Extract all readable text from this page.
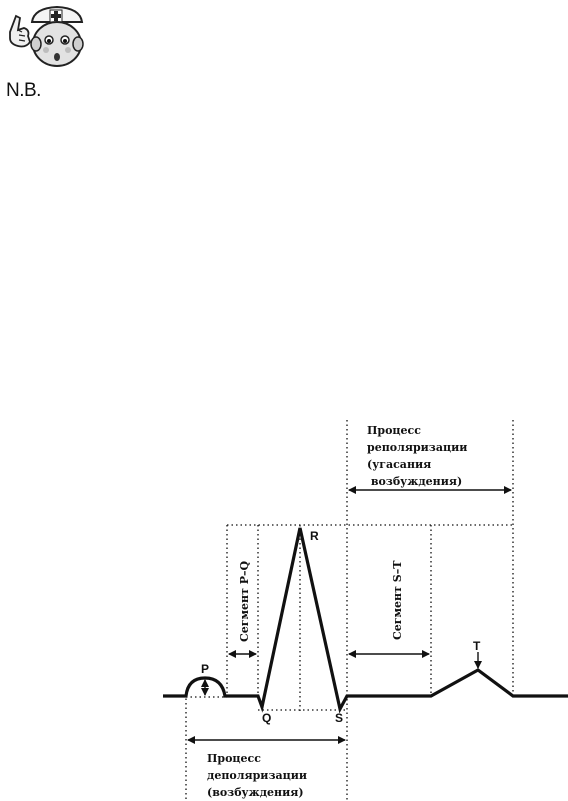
N.B.
P
Q
R
S
T
Сегмент P–Q	Сегмент S–T
Процесс
реполяризации
(угасания
возбуждения)
Процесс
деполяризации
(возбуждения)
